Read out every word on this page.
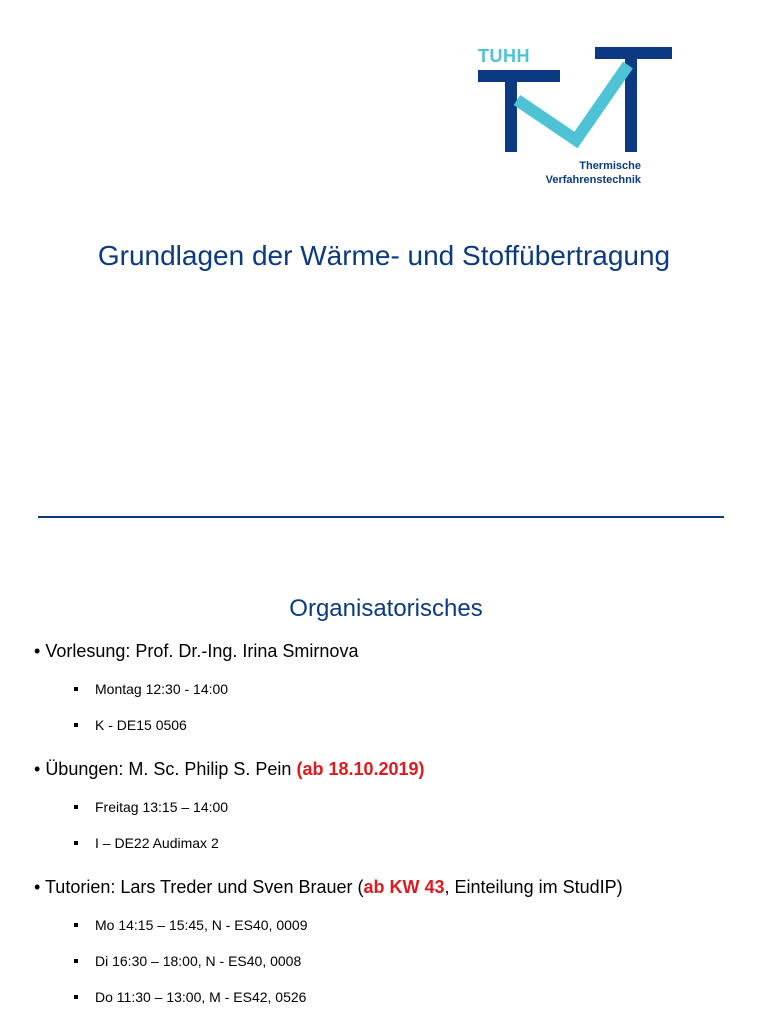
TUHH
Thermische
Verfahrenstechnik
Grundlagen der Wärme- und Stoffübertragung
Organisatorisches
• Vorlesung: Prof. Dr.-Ing. Irina Smirnova
Montag 12:30 - 14:00
K - DE15 0506
• Übungen: M. Sc. Philip S. Pein (ab 18.10.2019)
Freitag 13:15 – 14:00
I – DE22 Audimax 2
• Tutorien: Lars Treder und Sven Brauer (ab KW 43, Einteilung im StudIP)
Mo 14:15 – 15:45, N - ES40, 0009
Di 16:30 – 18:00, N - ES40, 0008
Do 11:30 – 13:00, M - ES42, 0526
